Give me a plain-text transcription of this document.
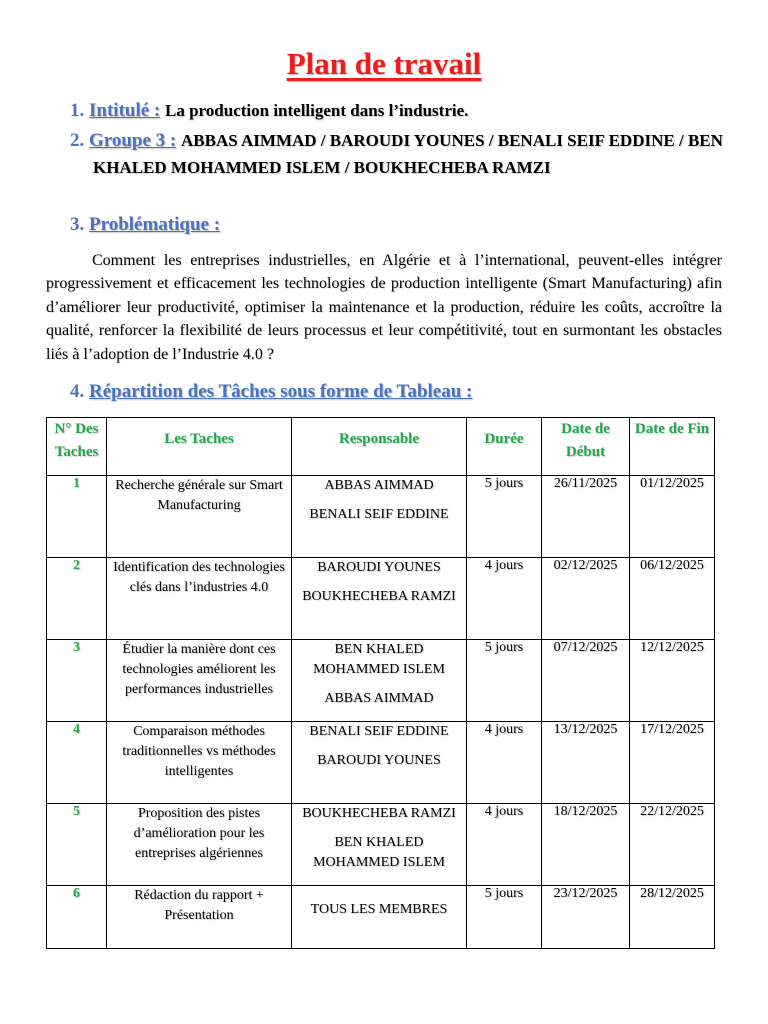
Plan de travail
1. Intitulé : La production intelligent dans l’industrie.
2. Groupe 3 : ABBAS AIMMAD / BAROUDI YOUNES / BENALI SEIF EDDINE / BEN KHALED MOHAMMED ISLEM / BOUKHECHEBA RAMZI
3. Problématique :
Comment les entreprises industrielles, en Algérie et à l’international, peuvent-elles intégrer progressivement et efficacement les technologies de production intelligente (Smart Manufacturing) afin d’améliorer leur productivité, optimiser la maintenance et la production, réduire les coûts, accroître la qualité, renforcer la flexibilité de leurs processus et leur compétitivité, tout en surmontant les obstacles liés à l’adoption de l’Industrie 4.0 ?
4. Répartition des Tâches sous forme de Tableau :
N° Des Taches	Les Taches	Responsable	Durée	Date de Début	Date de Fin
1	Recherche générale sur Smart Manufacturing	ABBAS AIMMAD
BENALI SEIF EDDINE	5 jours	26/11/2025	01/12/2025
2	Identification des technologies clés dans l’industries 4.0	BAROUDI YOUNES
BOUKHECHEBA RAMZI	4 jours	02/12/2025	06/12/2025
3	Étudier la manière dont ces technologies améliorent les performances industrielles	BEN KHALED MOHAMMED ISLEM
ABBAS AIMMAD	5 jours	07/12/2025	12/12/2025
4	Comparaison méthodes traditionnelles vs méthodes intelligentes	BENALI SEIF EDDINE
BAROUDI YOUNES	4 jours	13/12/2025	17/12/2025
5	Proposition des pistes d’amélioration pour les entreprises algériennes	BOUKHECHEBA RAMZI
BEN KHALED MOHAMMED ISLEM	4 jours	18/12/2025	22/12/2025
6	Rédaction du rapport + Présentation	TOUS LES MEMBRES	5 jours	23/12/2025	28/12/2025
